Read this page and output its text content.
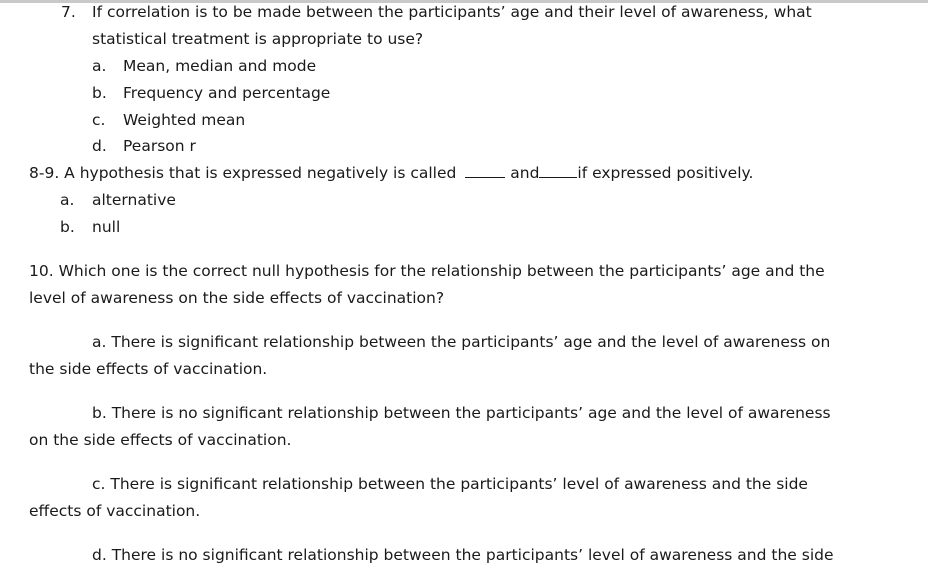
7. If correlation is to be made between the participants’ age and their level of awareness, what
statistical treatment is appropriate to use?
a. Mean, median and mode
b. Frequency and percentage
c. Weighted mean
d. Pearson r
8-9. A hypothesis that is expressed negatively is called	and if expressed positively.
a. alternative
b. null
10. Which one is the correct null hypothesis for the relationship between the participants’ age and the
level of awareness on the side effects of vaccination?
a. There is significant relationship between the participants’ age and the level of awareness on
the side effects of vaccination.
b. There is no significant relationship between the participants’ age and the level of awareness
on the side effects of vaccination.
c. There is significant relationship between the participants’ level of awareness and the side
effects of vaccination.
d. There is no significant relationship between the participants’ level of awareness and the side
